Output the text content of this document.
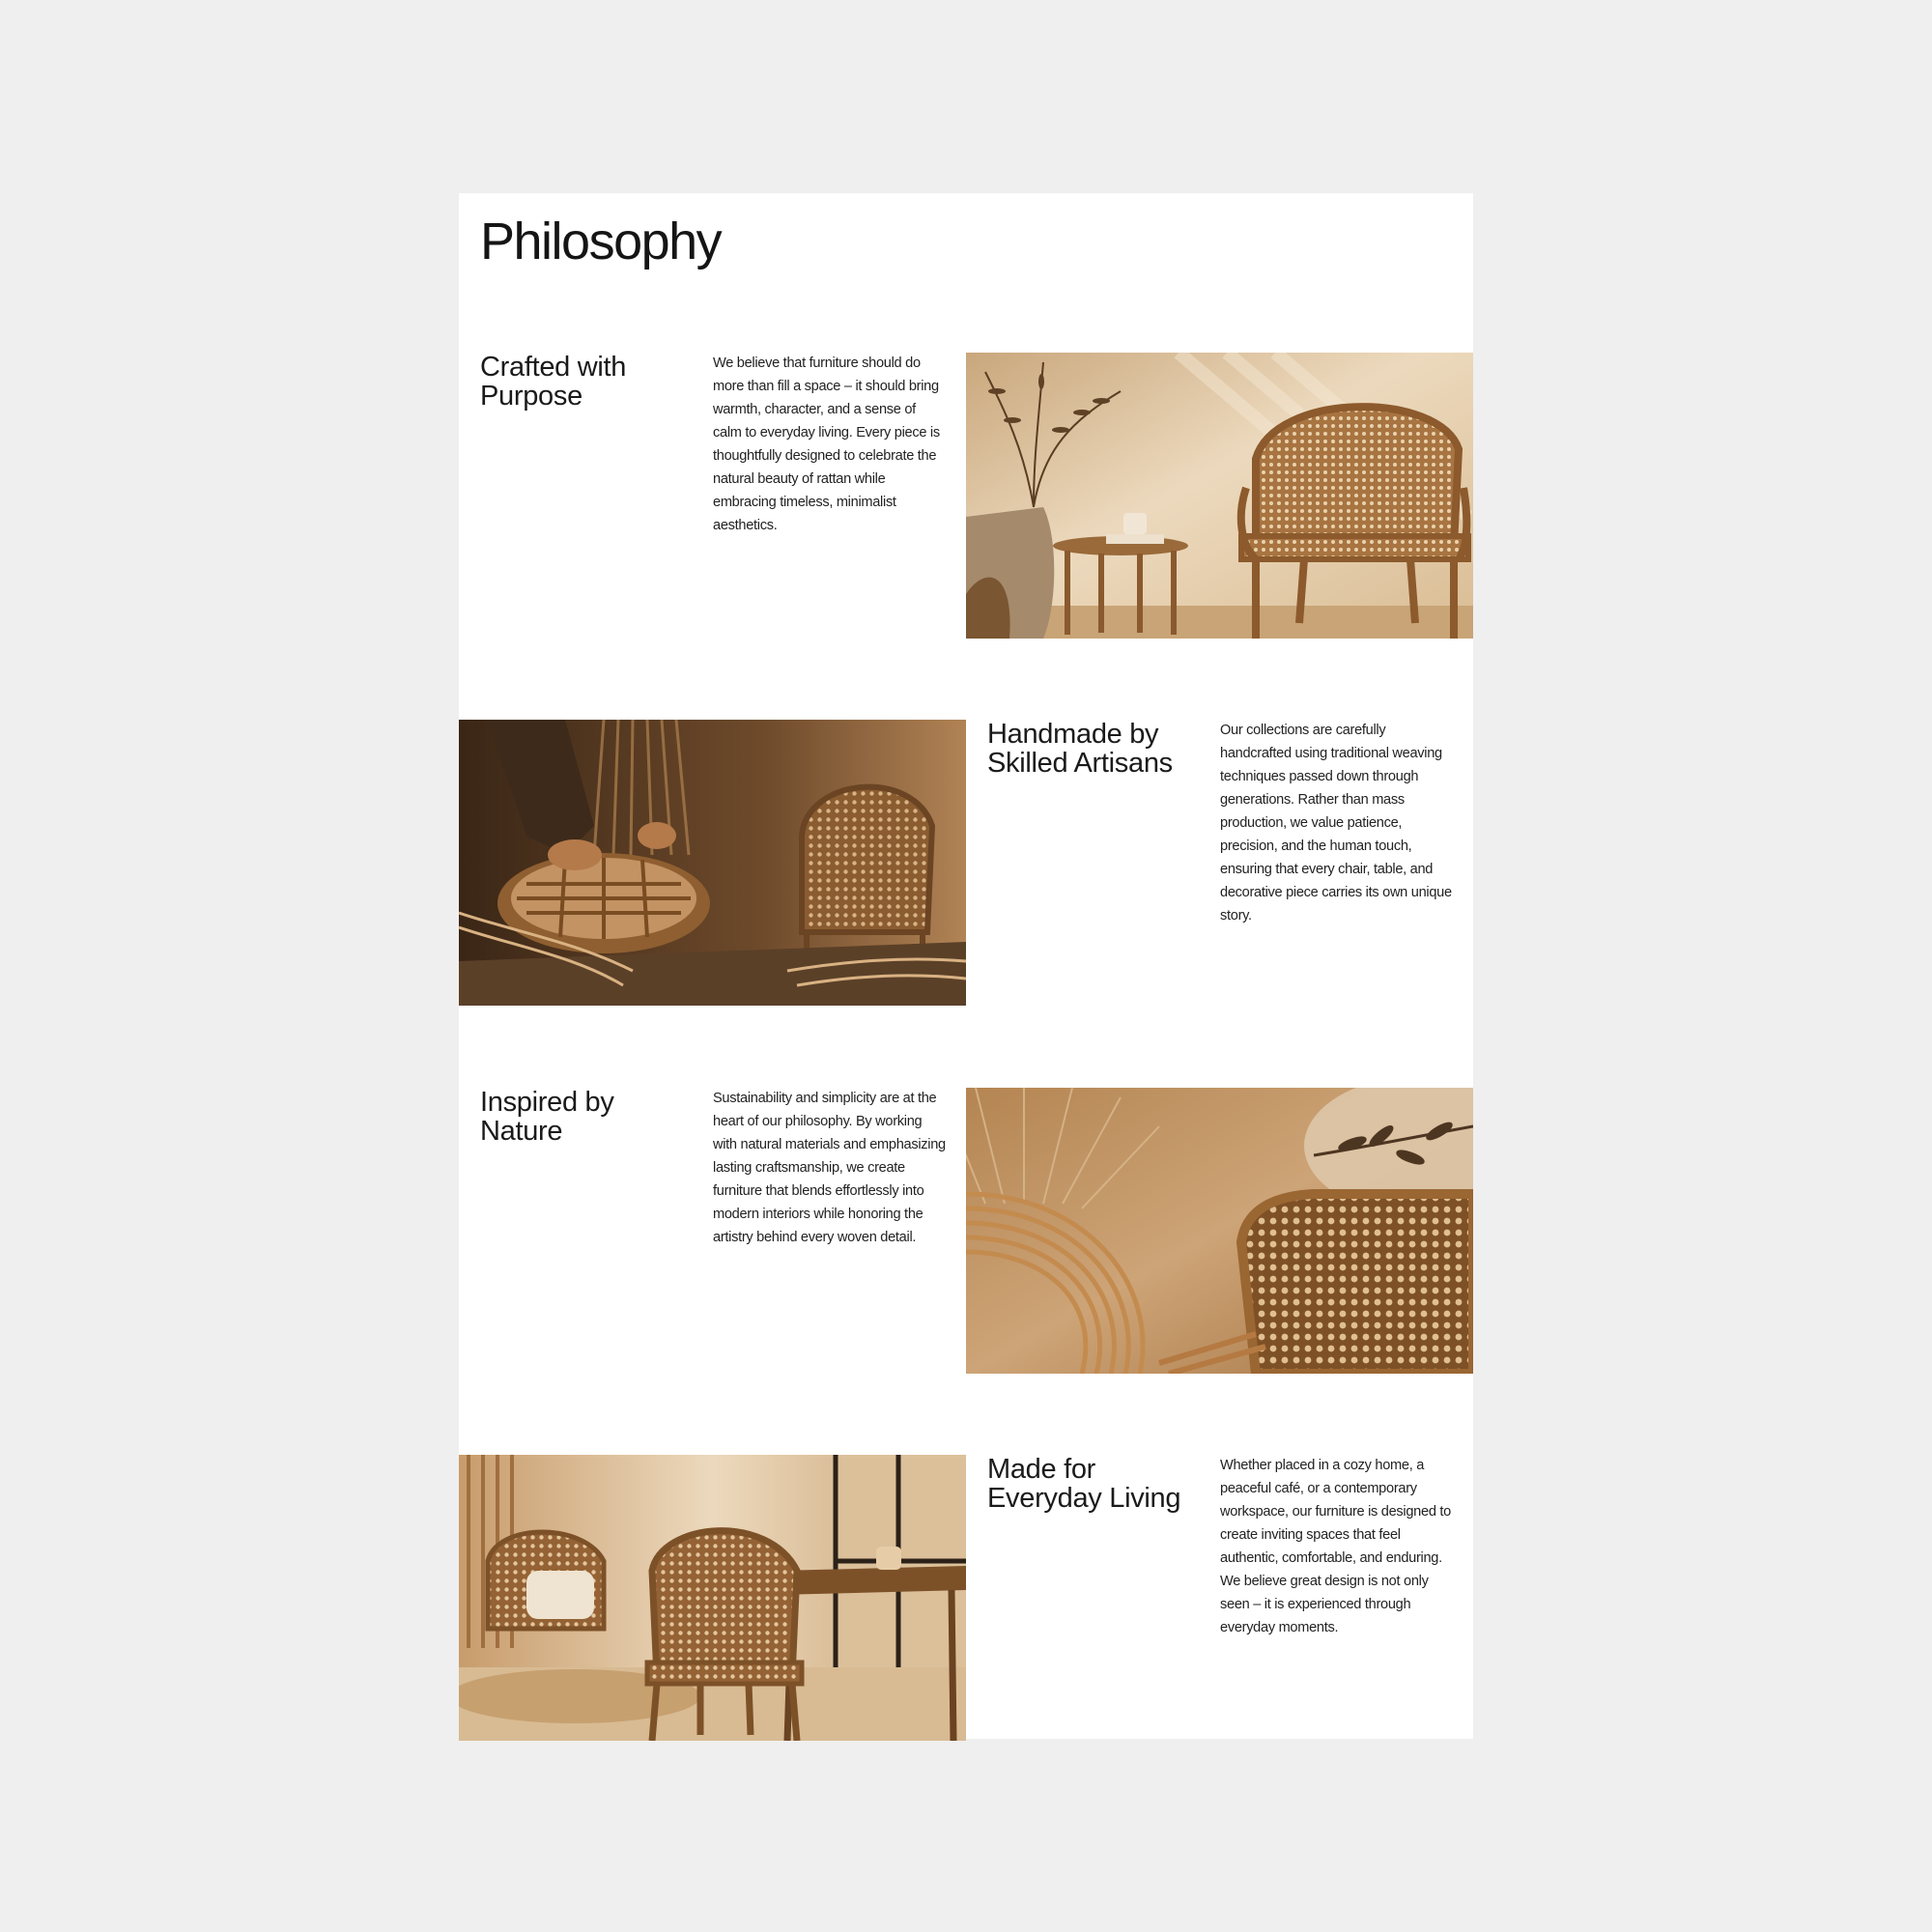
Philosophy
Crafted with Purpose

We believe that furniture should do more than fill a space – it should bring warmth, character, and a sense of calm to everyday living. Every piece is thoughtfully designed to celebrate the natural beauty of rattan while embracing timeless, minimalist aesthetics.

Handmade by Skilled Artisans

Our collections are carefully handcrafted using traditional weaving techniques passed down through generations. Rather than mass production, we value patience, precision, and the human touch, ensuring that every chair, table, and decorative piece carries its own unique story.

Inspired by Nature

Sustainability and simplicity are at the heart of our philosophy. By working with natural materials and emphasizing lasting craftsmanship, we create furniture that blends effortlessly into modern interiors while honoring the artistry behind every woven detail.

Made for Everyday Living

Whether placed in a cozy home, a peaceful café, or a contemporary workspace, our furniture is designed to create inviting spaces that feel authentic, comfortable, and enduring. We believe great design is not only seen – it is experienced through everyday moments.
